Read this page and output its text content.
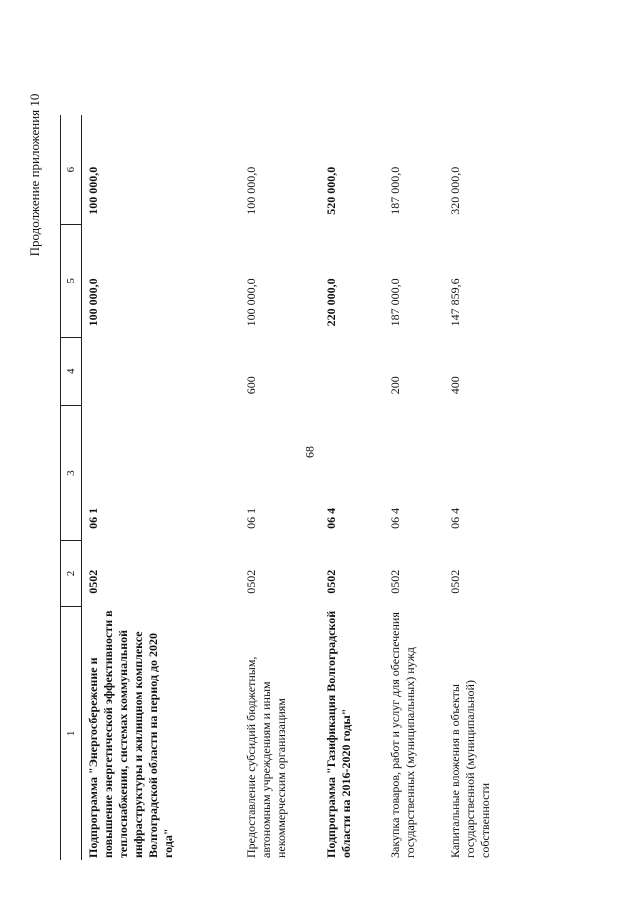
68
Продолжение приложения 10
1
2
3
4
5
6
Подпрограмма "Энергосбережение и повышение энергетической эффективности в теплоснабжении, системах коммунальной инфраструктуры и жилищном комплексе Волгоградской области на период до 2020 года"
0502
06 1
100 000,0
100 000,0
Предоставление субсидий бюджетным, автономным учреждениям и иным некоммерческим организациям
0502
06 1
600
100 000,0
100 000,0
Подпрограмма "Газификация Волгоградской области на 2016-2020 годы"
0502
06 4
220 000,0
520 000,0
Закупка товаров, работ и услуг для обеспечения государственных (муниципальных) нужд
0502
06 4
200
187 000,0
187 000,0
Капитальные вложения в объекты государственной (муниципальной) собственности
0502
06 4
400
147 859,6
320 000,0
